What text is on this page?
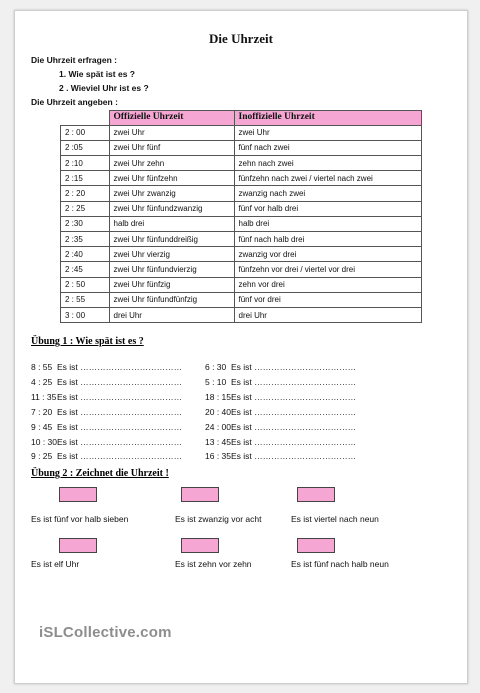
Die Uhrzeit
Die Uhrzeit erfragen :
1. Wie spät ist es ?
2 . Wieviel Uhr ist es ?
Die Uhrzeit angeben :
	Offizielle Uhrzeit	Inoffizielle Uhrzeit
2 : 00	zwei Uhr	zwei Uhr
2 :05	zwei Uhr fünf	fünf nach zwei
2 :10	zwei Uhr zehn	zehn nach zwei
2 :15	zwei Uhr fünfzehn	fünfzehn nach zwei / viertel nach zwei
2 : 20	zwei Uhr zwanzig	zwanzig nach zwei
2 : 25	zwei Uhr fünfundzwanzig	fünf vor halb drei
2 :30	halb drei	halb drei
2 :35	zwei Uhr fünfunddreißig	fünf nach halb drei
2 :40	zwei Uhr vierzig	zwanzig vor drei
2 :45	zwei Uhr fünfundvierzig	fünfzehn vor drei / viertel vor drei
2 : 50	zwei Uhr fünfzig	zehn vor drei
2 : 55	zwei Uhr fünfundfünfzig	fünf vor drei
3 : 00	drei Uhr	drei Uhr
Übung 1 : Wie spät ist es ?
8 : 55 Es ist ………………………………
4 : 25 Es ist ………………………………
11 : 35Es ist ………………………………
7 : 20 Es ist ………………………………
9 : 45 Es ist ………………………………
10 : 30Es ist ………………………………
9 : 25 Es ist ………………………………
6 : 30 Es ist ………………………………
5 : 10 Es ist ………………………………
18 : 15Es ist ………………………………
20 : 40Es ist ………………………………
24 : 00Es ist ………………………………
13 : 45Es ist ………………………………
16 : 35Es ist ………………………………
Übung 2 : Zeichnet die Uhrzeit !
Es ist fünf vor halb sieben	Es ist zwanzig vor acht	Es ist viertel nach neun
Es ist elf Uhr	Es ist zehn vor zehn	Es ist fünf nach halb neun
iSLCollective.com
